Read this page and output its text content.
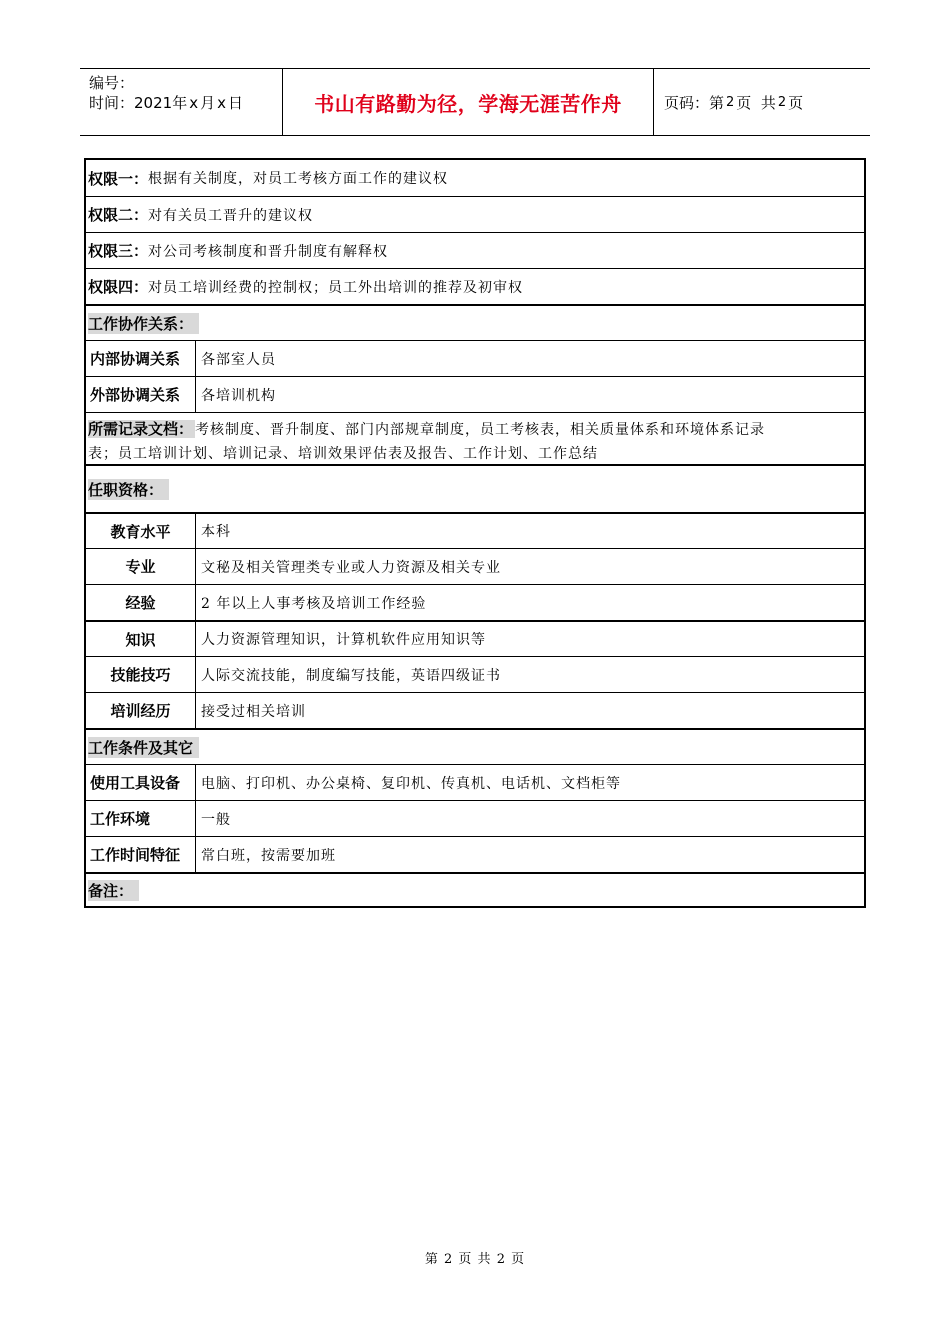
编号：
时间：2021年 x 月 x 日	书山有路勤为径，学海无涯苦作舟	页码：第 2 页  共 2 页
权限一： 根据有关制度，对员工考核方面工作的建议权
权限二： 对有关员工晋升的建议权
权限三： 对公司考核制度和晋升制度有解释权
权限四： 对员工培训经费的控制权；员工外出培训的推荐及初审权
工作协作关系：
内部协调关系	各部室人员
外部协调关系	各培训机构
所需记录文档： 考核制度、晋升制度、部门内部规章制度，员工考核表，相关质量体系和环境体系记录
表；员工培训计划、培训记录、培训效果评估表及报告、工作计划、工作总结
任职资格：
教育水平	本科
专业	文秘及相关管理类专业或人力资源及相关专业
经验	2 年以上人事考核及培训工作经验
知识	人力资源管理知识，计算机软件应用知识等
技能技巧	人际交流技能，制度编写技能，英语四级证书
培训经历	接受过相关培训
工作条件及其它
使用工具设备	电脑、打印机、办公桌椅、复印机、传真机、电话机、文档柜等
工作环境	一般
工作时间特征	常白班，按需要加班
备注：
第 2 页 共 2 页
